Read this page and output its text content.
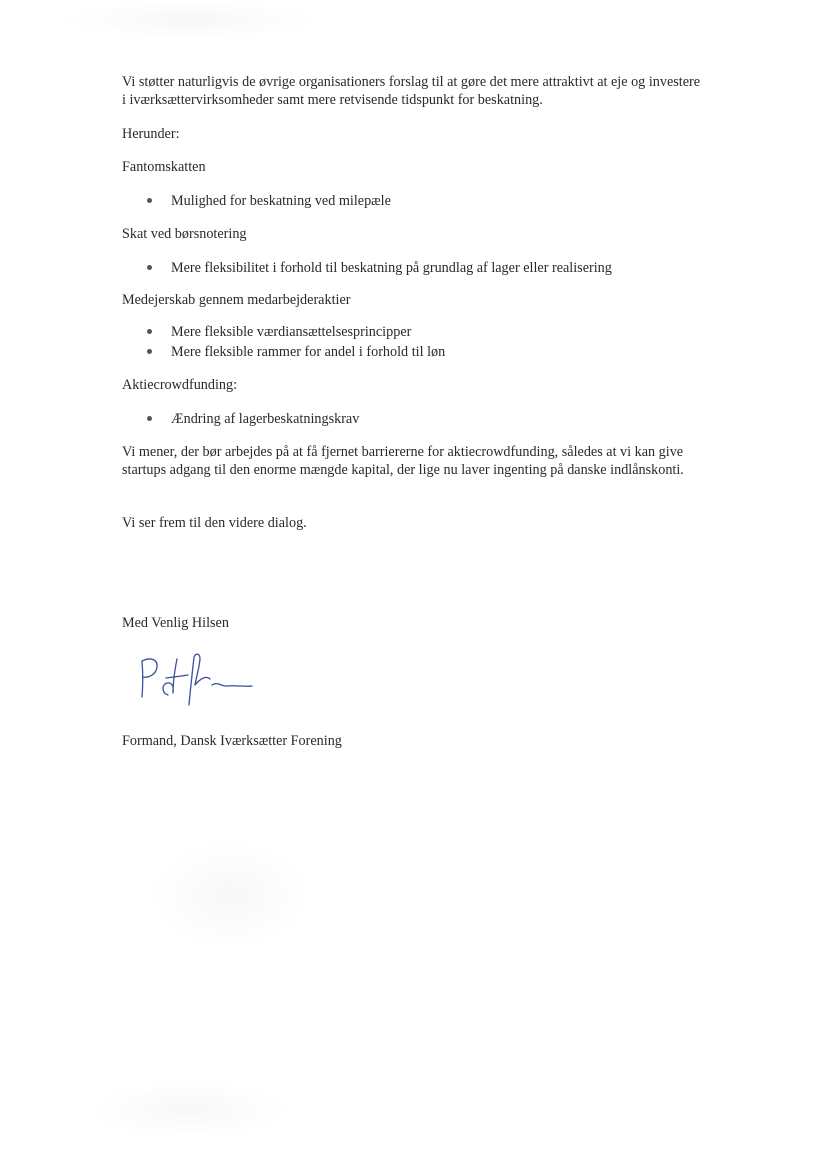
Vi støtter naturligvis de øvrige organisationers forslag til at gøre det mere attraktivt at eje og investere i iværksættervirksomheder samt mere retvisende tidspunkt for beskatning.

Herunder:

Fantomskatten

Mulighed for beskatning ved milepæle

Skat ved børsnotering

Mere fleksibilitet i forhold til beskatning på grundlag af lager eller realisering

Medejerskab gennem medarbejderaktier

Mere fleksible værdiansættelsesprincipper
Mere fleksible rammer for andel i forhold til løn

Aktiecrowdfunding:

Ændring af lagerbeskatningskrav

Vi mener, der bør arbejdes på at få fjernet barriererne for aktiecrowdfunding, således at vi kan give startups adgang til den enorme mængde kapital, der lige nu laver ingenting på danske indlånskonti.

Vi ser frem til den videre dialog.

Med Venlig Hilsen

Formand, Dansk Iværksætter Forening
